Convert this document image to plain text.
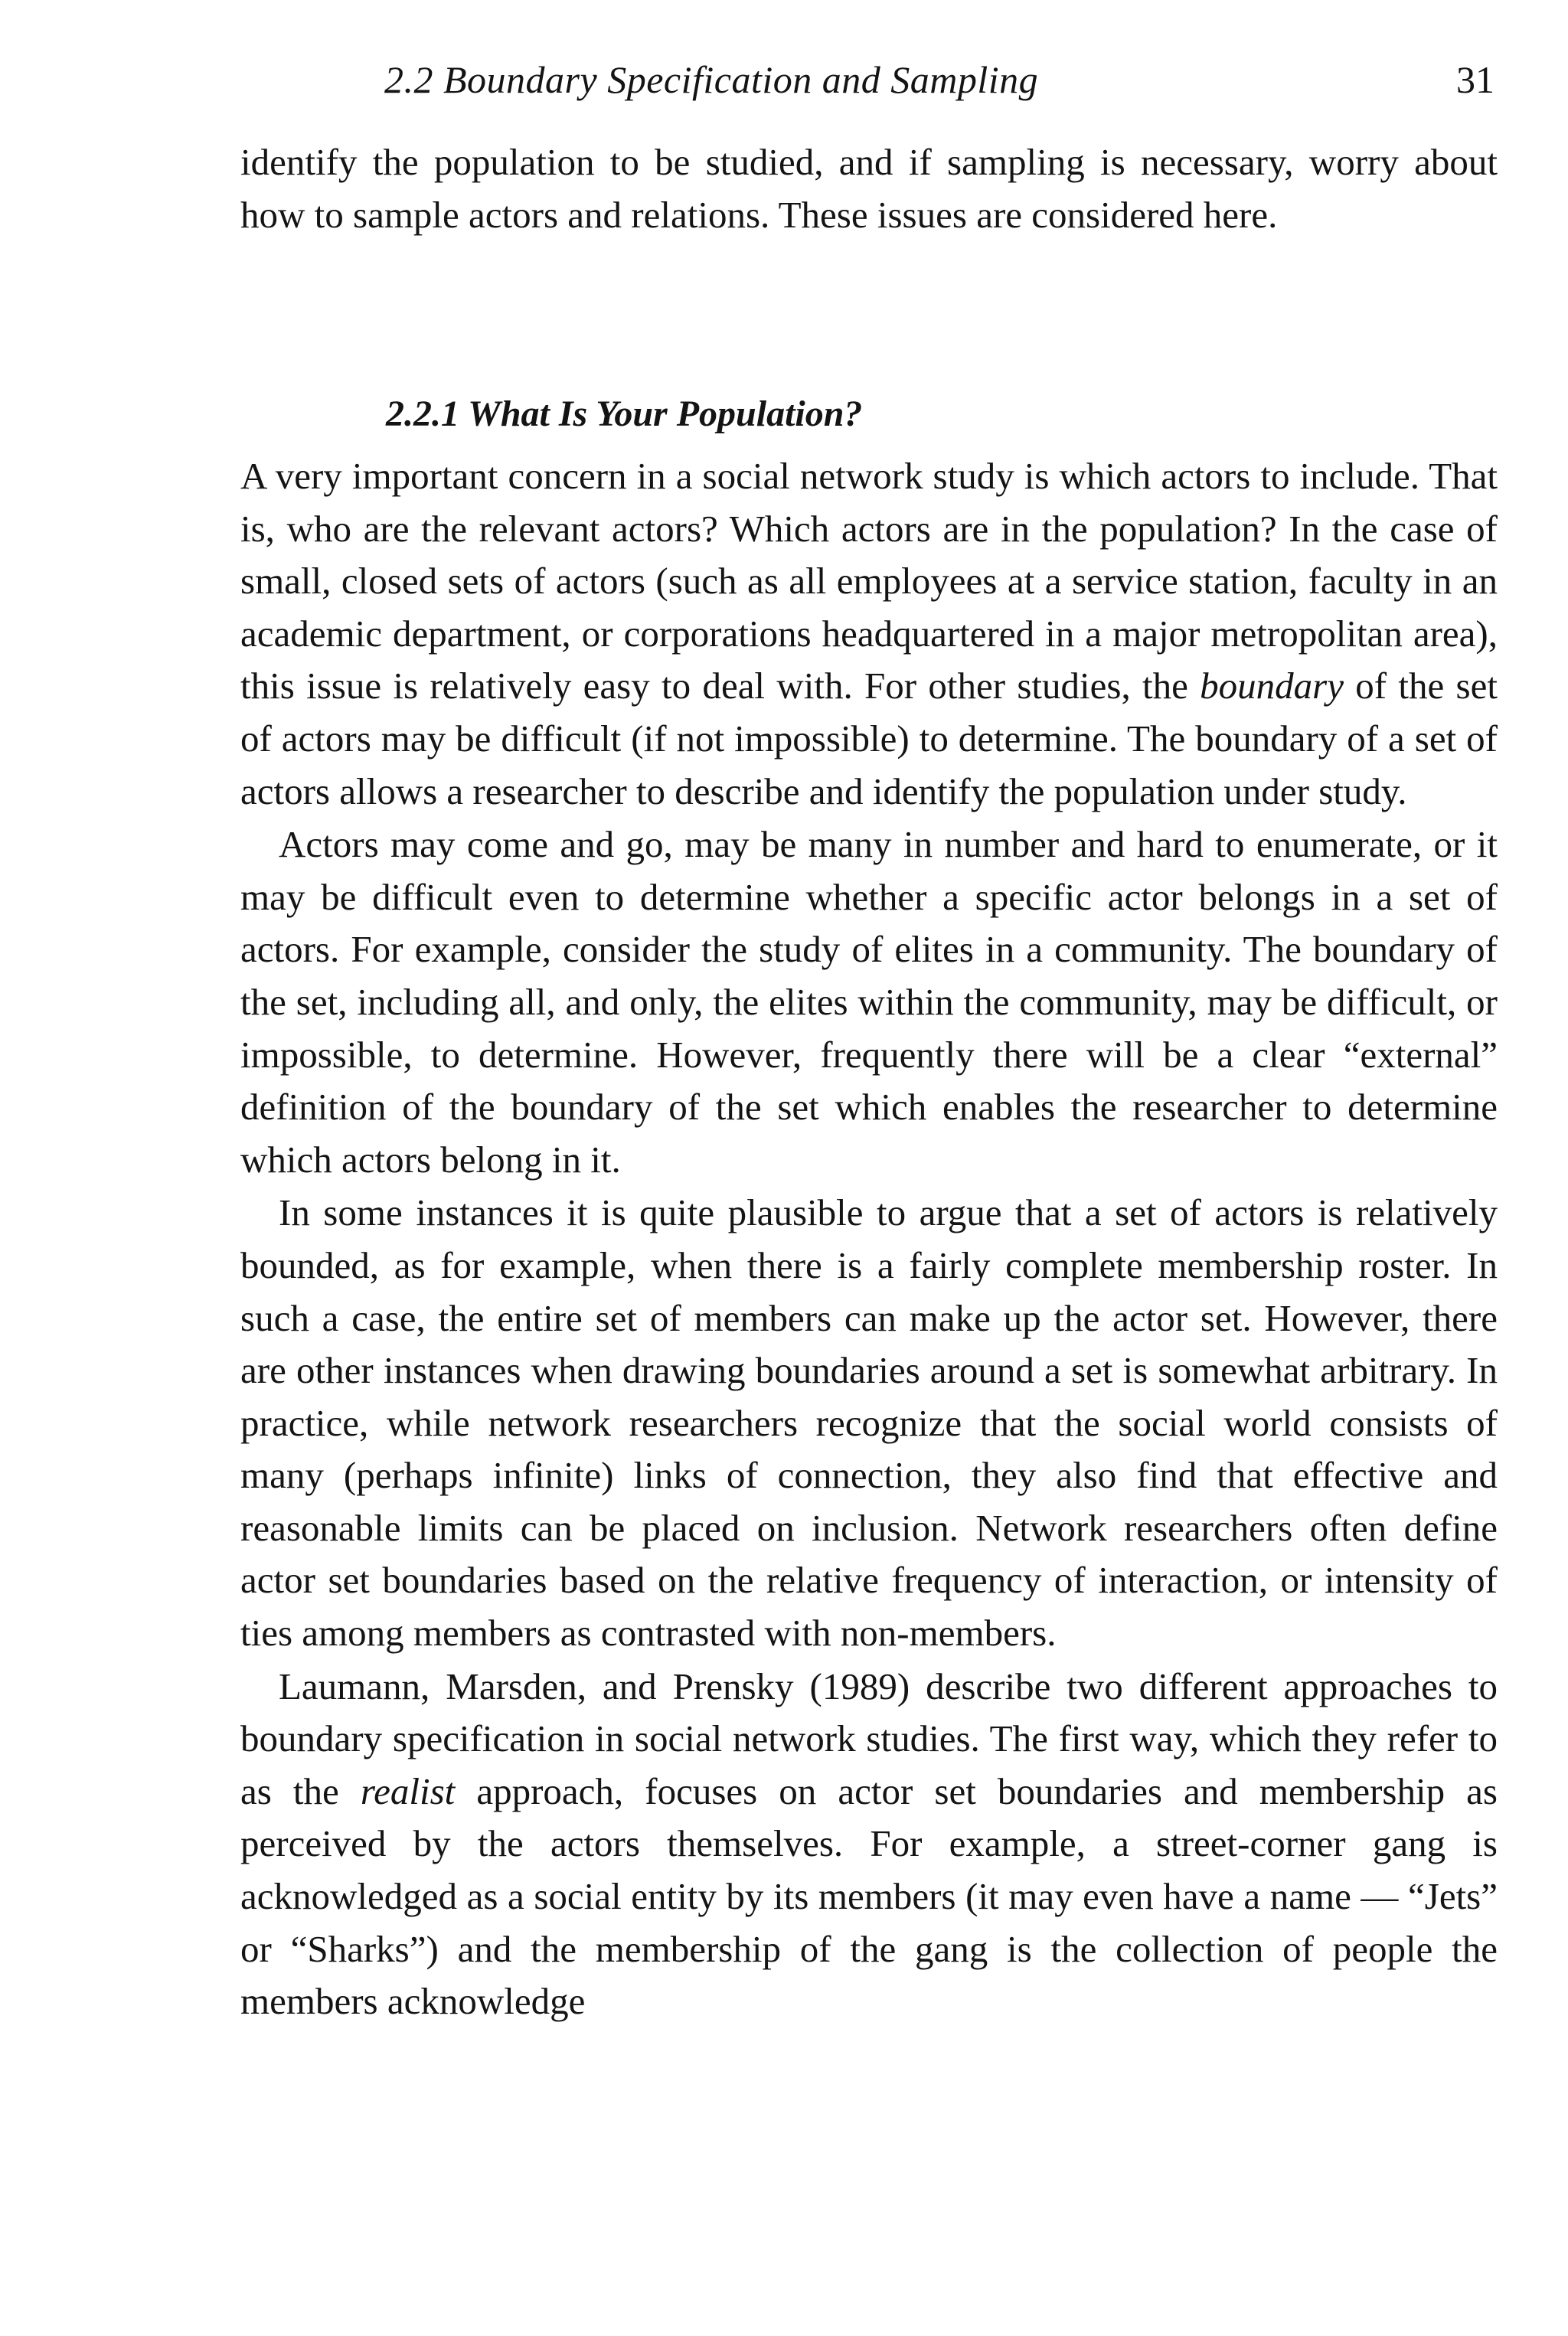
2.2 Boundary Specification and Sampling	31

identify the population to be studied, and if sampling is necessary, worry about how to sample actors and relations. These issues are considered here.

2.2.1 What Is Your Population?

A very important concern in a social network study is which actors to include. That is, who are the relevant actors? Which actors are in the population? In the case of small, closed sets of actors (such as all employees at a service station, faculty in an academic department, or corporations headquartered in a major metropolitan area), this issue is relatively easy to deal with. For other studies, the boundary of the set of actors may be difficult (if not impossible) to determine. The boundary of a set of actors allows a researcher to describe and identify the population under study.

Actors may come and go, may be many in number and hard to enumerate, or it may be difficult even to determine whether a specific actor belongs in a set of actors. For example, consider the study of elites in a community. The boundary of the set, including all, and only, the elites within the community, may be difficult, or impossible, to determine. However, frequently there will be a clear “external” definition of the boundary of the set which enables the researcher to determine which actors belong in it.

In some instances it is quite plausible to argue that a set of actors is relatively bounded, as for example, when there is a fairly complete membership roster. In such a case, the entire set of members can make up the actor set. However, there are other instances when drawing boundaries around a set is somewhat arbitrary. In practice, while network researchers recognize that the social world consists of many (perhaps infinite) links of connection, they also find that effective and reasonable limits can be placed on inclusion. Network researchers often define actor set boundaries based on the relative frequency of interaction, or intensity of ties among members as contrasted with non-members.

Laumann, Marsden, and Prensky (1989) describe two different approaches to boundary specification in social network studies. The first way, which they refer to as the realist approach, focuses on actor set boundaries and membership as perceived by the actors themselves. For example, a street-corner gang is acknowledged as a social entity by its members (it may even have a name — “Jets” or “Sharks”) and the membership of the gang is the collection of people the members acknowledge
